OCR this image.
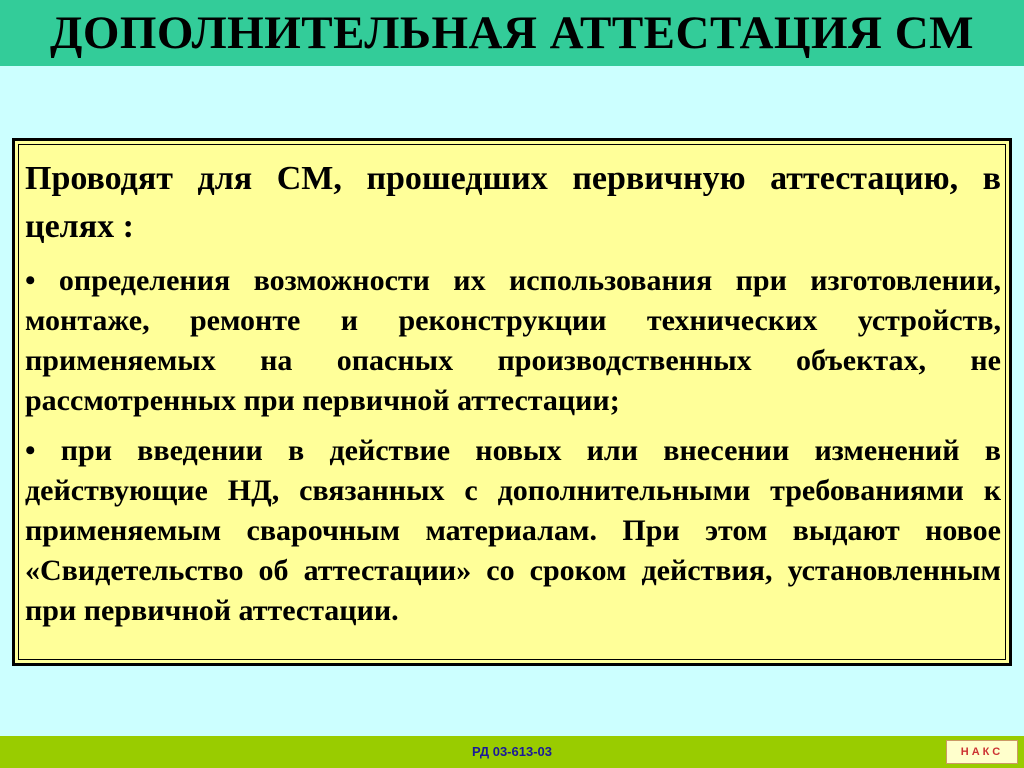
ДОПОЛНИТЕЛЬНАЯ АТТЕСТАЦИЯ СМ

Проводят для СМ, прошедших первичную аттестацию, в целях :

• определения возможности их использования при изготовлении, монтаже, ремонте и реконструкции технических устройств, применяемых на опасных производственных объектах, не рассмотренных при первичной аттестации;

• при введении в действие новых или внесении изменений в действующие НД, связанных с дополнительными требованиями к применяемым сварочным материалам. При этом выдают новое «Свидетельство об аттестации» со сроком действия, установленным при первичной аттестации.

РД 03-613-03	НАКС
